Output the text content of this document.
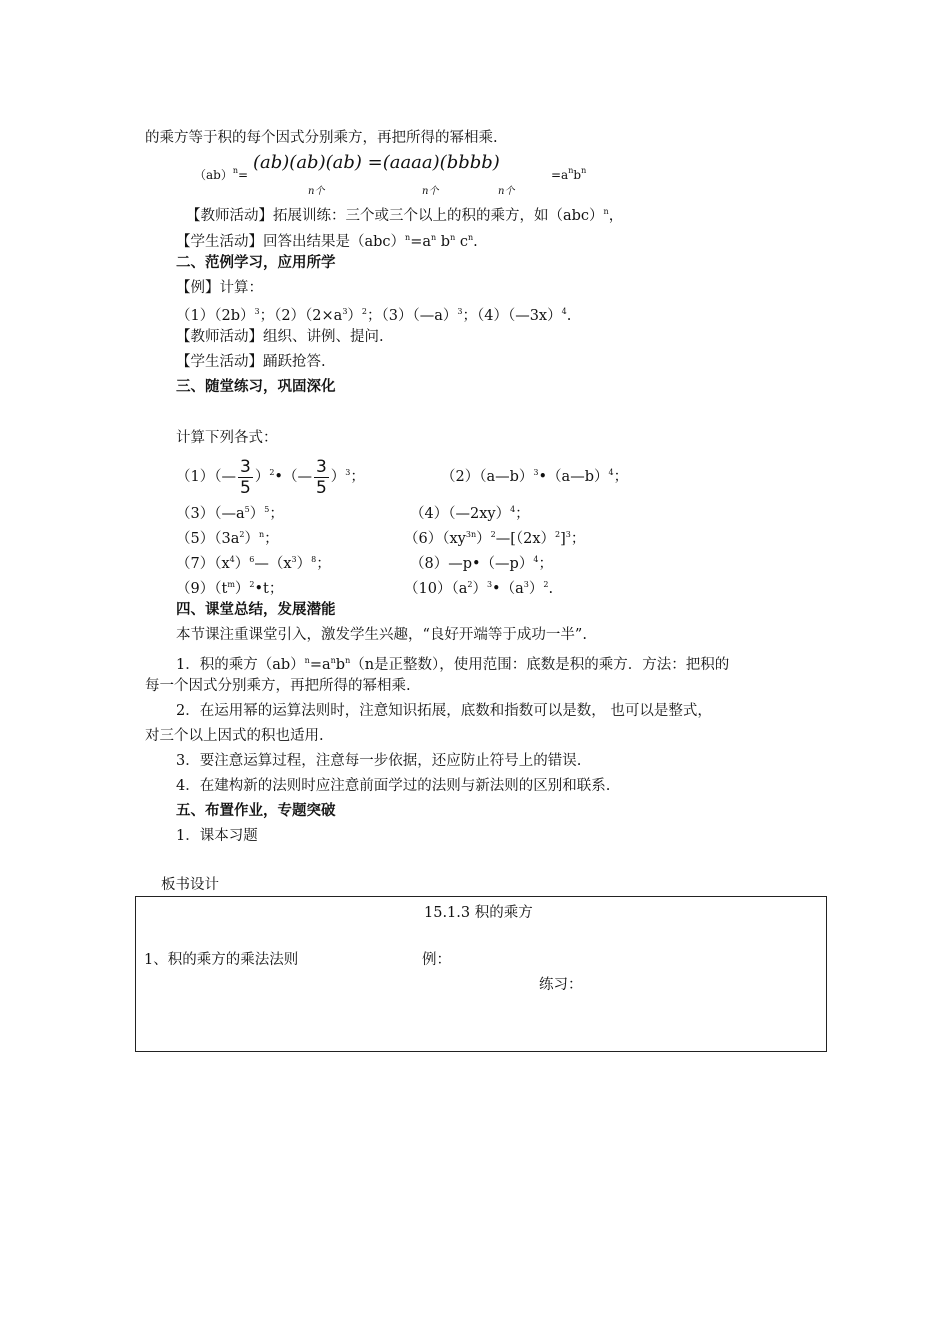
的乘方等于积的每个因式分别乘方，再把所得的幂相乘.
（ab）$^n$=
(ab)(ab)(ab) =(aaaa)(bbbb)
n个	n个	n个
$=a^nb^n$
【教师活动】拓展训练：三个或三个以上的积的乘方，如（abc）$^n$，
【学生活动】回答出结果是$(abc)^n=a^n$ $b^n$ $c^n$.
二、范例学习，应用所学
【例】计算：
$(1)(2b)^3$；$(2)(2\times a^3)^2$；（3）（—a）$^3$；（4）（—3x）$^4$.
【教师活动】组织、讲例、提问.
【学生活动】踊跃抢答.
三、随堂练习，巩固深化
计算下列各式：
（1）（— $\frac{3}{5}$ ）$^2$•（— $\frac{3}{5} )^3$；	（2）（a—b）$^3$•（a—b）$^4$；
$(3)(—a^5)^5$；	（4）（—2xy）$^4$；
$(5)(3a^2)^n$；	$(6)(xy^{3n})^2—[(2x)^2]^3$；
$(7)(x^4)^6—(x^3)^8$；	（8）—p•（—p）$^4$；
$(9)(t^m)^2•t$；	$(10)(a^2)^3•(a^3)^2$.
四、课堂总结，发展潜能
本节课注重课堂引入，激发学生兴趣，“良好开端等于成功一半”.
1．积的乘方$(ab)^n=a^nb^n(n$是正整数），使用范围：底数是积的乘方．方法：把积的
每一个因式分别乘方，再把所得的幂相乘.
2．在运用幂的运算法则时，注意知识拓展，底数和指数可以是数， 也可以是整式，
对三个以上因式的积也适用.
3．要注意运算过程，注意每一步依据，还应防止符号上的错误.
4．在建构新的法则时应注意前面学过的法则与新法则的区别和联系.
五、布置作业，专题突破
1．课本习题
板书设计
15.1.3 积的乘方
1、积的乘方的乘法法则	例：
练习：
